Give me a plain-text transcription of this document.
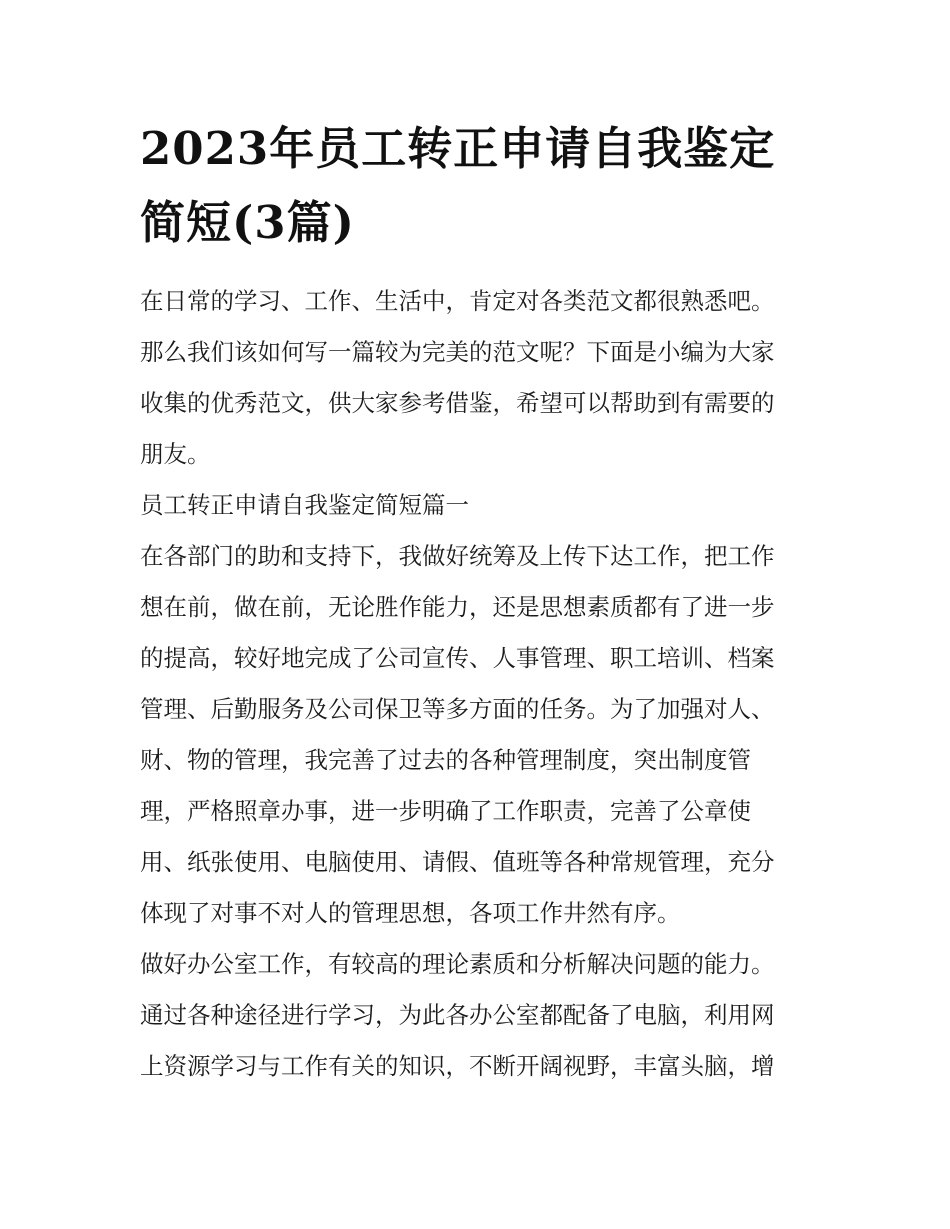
2023年员工转正申请自我鉴定
简短(3篇)

在日常的学习、工作、生活中，肯定对各类范文都很熟悉吧。

那么我们该如何写一篇较为完美的范文呢？下面是小编为大家

收集的优秀范文，供大家参考借鉴，希望可以帮助到有需要的

朋友。

员工转正申请自我鉴定简短篇一

在各部门的助和支持下，我做好统筹及上传下达工作，把工作

想在前，做在前，无论胜作能力，还是思想素质都有了进一步

的提高，较好地完成了公司宣传、人事管理、职工培训、档案

管理、后勤服务及公司保卫等多方面的任务。为了加强对人、

财、物的管理，我完善了过去的各种管理制度，突出制度管

理，严格照章办事，进一步明确了工作职责，完善了公章使

用、纸张使用、电脑使用、请假、值班等各种常规管理，充分

体现了对事不对人的管理思想，各项工作井然有序。

做好办公室工作，有较高的理论素质和分析解决问题的能力。

通过各种途径进行学习，为此各办公室都配备了电脑，利用网

上资源学习与工作有关的知识，不断开阔视野，丰富头脑，增
